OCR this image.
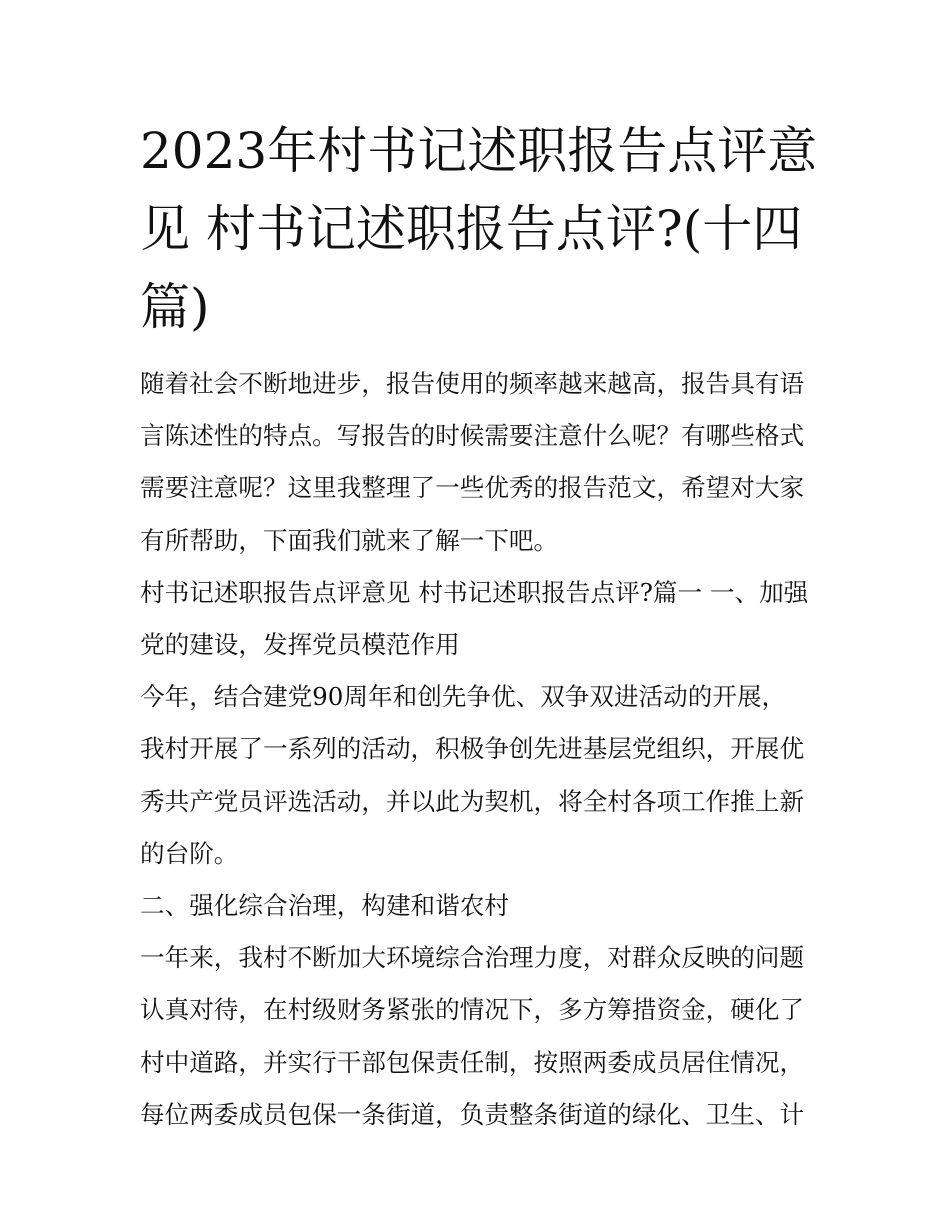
2023年村书记述职报告点评意见 村书记述职报告点评?(十四篇)

随着社会不断地进步，报告使用的频率越来越高，报告具有语言陈述性的特点。写报告的时候需要注意什么呢？有哪些格式需要注意呢？这里我整理了一些优秀的报告范文，希望对大家有所帮助，下面我们就来了解一下吧。

村书记述职报告点评意见 村书记述职报告点评?篇一 一、加强党的建设，发挥党员模范作用

今年，结合建党90周年和创先争优、双争双进活动的开展，

我村开展了一系列的活动，积极争创先进基层党组织，开展优秀共产党员评选活动，并以此为契机，将全村各项工作推上新的台阶。

二、强化综合治理，构建和谐农村

一年来，我村不断加大环境综合治理力度，对群众反映的问题认真对待，在村级财务紧张的情况下，多方筹措资金，硬化了村中道路，并实行干部包保责任制，按照两委成员居住情况，每位两委成员包保一条街道，负责整条街道的绿化、卫生、计
